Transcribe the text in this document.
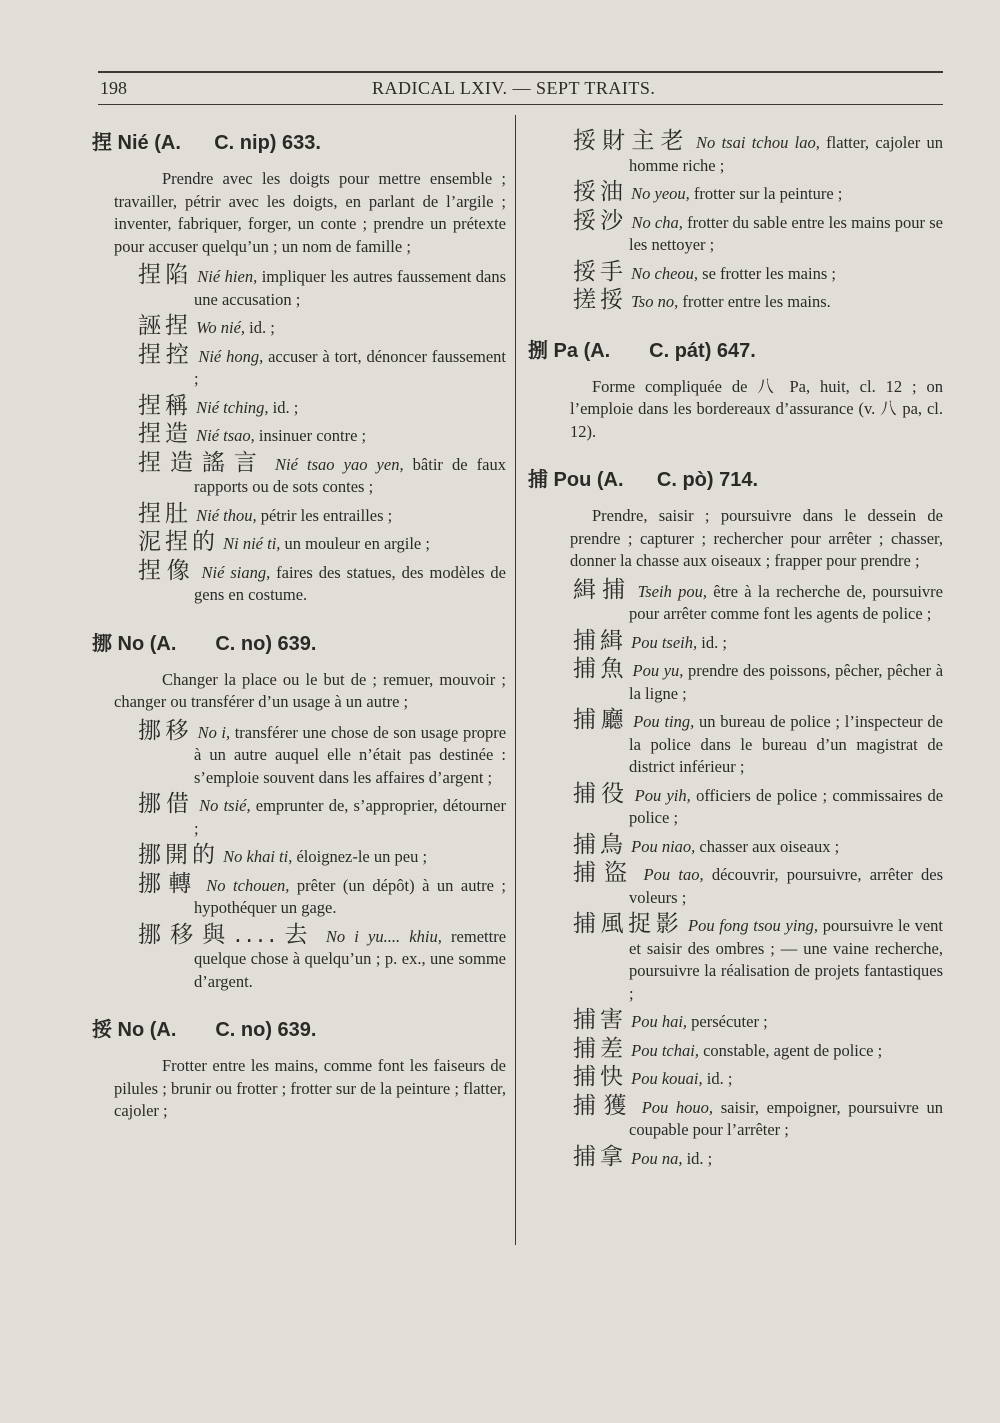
198	RADICAL LXIV. — SEPT TRAITS.
捏 Nié (A.      C. nip) 633.

Prendre avec les doigts pour mettre ensemble ; travailler, pétrir avec les doigts, en parlant de l’argile ; inventer, fabriquer, forger, un conte ; prendre un prétexte pour accuser quelqu’un ; un nom de famille ;

捏陷 Nié hien, impliquer les autres faussement dans une accusation ;

誣捏 Wo nié, id. ;

捏控 Nié hong, accuser à tort, dénoncer faussement ;

捏稱 Nié tching, id. ;

捏造 Nié tsao, insinuer contre ;

捏造謠言 Nié tsao yao yen, bâtir de faux rapports ou de sots contes ;

捏肚 Nié thou, pétrir les entrailles ;

泥捏的 Ni nié ti, un mouleur en argile ;

捏像 Nié siang, faires des statues, des modèles de gens en costume.

挪 No (A.       C. no) 639.

Changer la place ou le but de ; remuer, mouvoir ; changer ou transférer d’un usage à un autre ;

挪移 No i, transférer une chose de son usage propre à un autre auquel elle n’était pas destinée : s’emploie souvent dans les affaires d’argent ;

挪借 No tsié, emprunter de, s’approprier, détourner ;

挪開的 No khai ti, éloignez-le un peu ;

挪轉 No tchouen, prêter (un dépôt) à un autre ; hypothéquer un gage.

挪移與....去 No i yu.... khiu, remettre quelque chose à quelqu’un ; p. ex., une somme d’argent.

挼 No (A.       C. no) 639.

Frotter entre les mains, comme font les faiseurs de pilules ; brunir ou frotter ; frotter sur de la peinture ; flatter, cajoler ;

挼財主老 No tsai tchou lao, flatter, cajoler un homme riche ;

挼油 No yeou, frotter sur la peinture ;

挼沙 No cha, frotter du sable entre les mains pour se les nettoyer ;

挼手 No cheou, se frotter les mains ;

搓挼 Tso no, frotter entre les mains.

捌 Pa (A.       C. pát) 647.

Forme compliquée de 八 Pa, huit, cl. 12 ; on l’emploie dans les bordereaux d’assurance (v. 八 pa, cl. 12).

捕 Pou (A.      C. pò) 714.

Prendre, saisir ; poursuivre dans le dessein de prendre ; capturer ; rechercher pour arrêter ; chasser, donner la chasse aux oiseaux ; frapper pour prendre ;

緝捕 Tseih pou, être à la recherche de, poursuivre pour arrêter comme font les agents de police ;

捕緝 Pou tseih, id. ;

捕魚 Pou yu, prendre des poissons, pêcher, pêcher à la ligne ;

捕廳 Pou ting, un bureau de police ; l’inspecteur de la police dans le bureau d’un magistrat de district inférieur ;

捕役 Pou yih, officiers de police ; commissaires de police ;

捕鳥 Pou niao, chasser aux oiseaux ;

捕盜 Pou tao, découvrir, poursuivre, arrêter des voleurs ;

捕風捉影 Pou fong tsou ying, poursuivre le vent et saisir des ombres ; — une vaine recherche, poursuivre la réalisation de projets fantastiques ;

捕害 Pou hai, persécuter ;

捕差 Pou tchai, constable, agent de police ;

捕快 Pou kouai, id. ;

捕獲 Pou houo, saisir, empoigner, poursuivre un coupable pour l’arrêter ;

捕拿 Pou na, id. ;
